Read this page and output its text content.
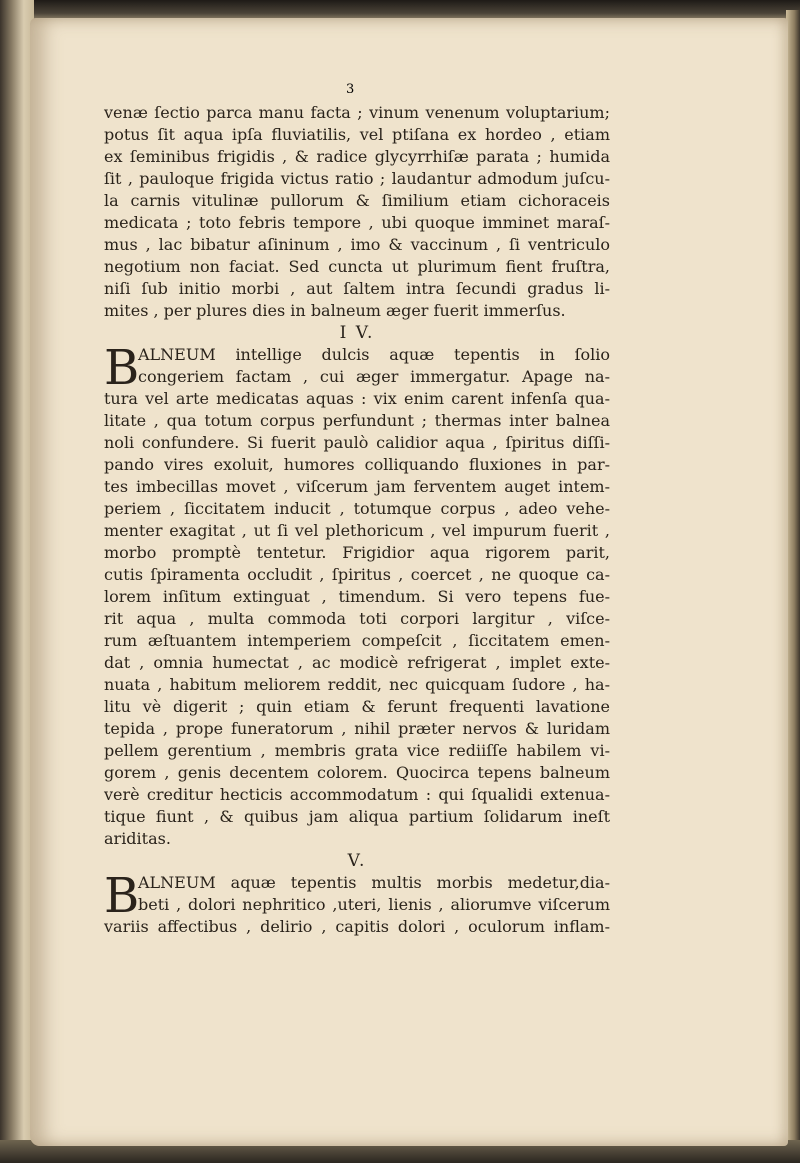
3
venæ ſectio parca manu facta ; vinum venenum voluptarium;
potus ſit aqua ipſa fluviatilis, vel ptiſana ex hordeo , etiam
ex ſeminibus frigidis , & radice glycyrrhiſæ parata ; humida
ſit , pauloque frigida victus ratio ; laudantur admodum juſcu-
la carnis vitulinæ pullorum & ſimilium etiam cichoraceis
medicata ; toto febris tempore , ubi quoque imminet maraſ-
mus , lac bibatur aſininum , imo & vaccinum , ſi ventriculo
negotium non faciat. Sed cuncta ut plurimum fient fruſtra,
niſi ſub initio morbi , aut ſaltem intra ſecundi gradus li-
mites , per plures dies in balneum æger fuerit immerſus.
I V.
B
ALNEUM intellige dulcis aquæ tepentis in ſolio
congeriem factam , cui æger immergatur. Apage na-
tura vel arte medicatas aquas : vix enim carent infenſa qua-
litate , qua totum corpus perfundunt ; thermas inter balnea
noli confundere. Si fuerit paulò calidior aqua , ſpiritus diſſi-
pando vires exoluit, humores colliquando fluxiones in par-
tes imbecillas movet , viſcerum jam ferventem auget intem-
periem , ſiccitatem inducit , totumque corpus , adeo vehe-
menter exagitat , ut ſi vel plethoricum , vel impurum fuerit ,
morbo promptè tentetur. Frigidior aqua rigorem parit,
cutis ſpiramenta occludit , ſpiritus , coercet , ne quoque ca-
lorem inſitum extinguat , timendum. Si vero tepens fue-
rit aqua , multa commoda toti corpori largitur , viſce-
rum æſtuantem intemperiem compeſcit , ſiccitatem emen-
dat , omnia humectat , ac modicè refrigerat , implet exte-
nuata , habitum meliorem reddit, nec quicquam ſudore , ha-
litu vè digerit ; quin etiam & ferunt frequenti lavatione
tepida , prope funeratorum , nihil præter nervos & luridam
pellem gerentium , membris grata vice rediiſſe habilem vi-
gorem , genis decentem colorem. Quocirca tepens balneum
verè creditur hecticis accommodatum : qui ſqualidi extenua-
tique fiunt , & quibus jam aliqua partium ſolidarum ineſt
ariditas.
V.
B
ALNEUM aquæ tepentis multis morbis medetur,dia-
beti , dolori nephritico ,uteri, lienis , aliorumve viſcerum
variis affectibus , delirio , capitis dolori , oculorum inflam-
